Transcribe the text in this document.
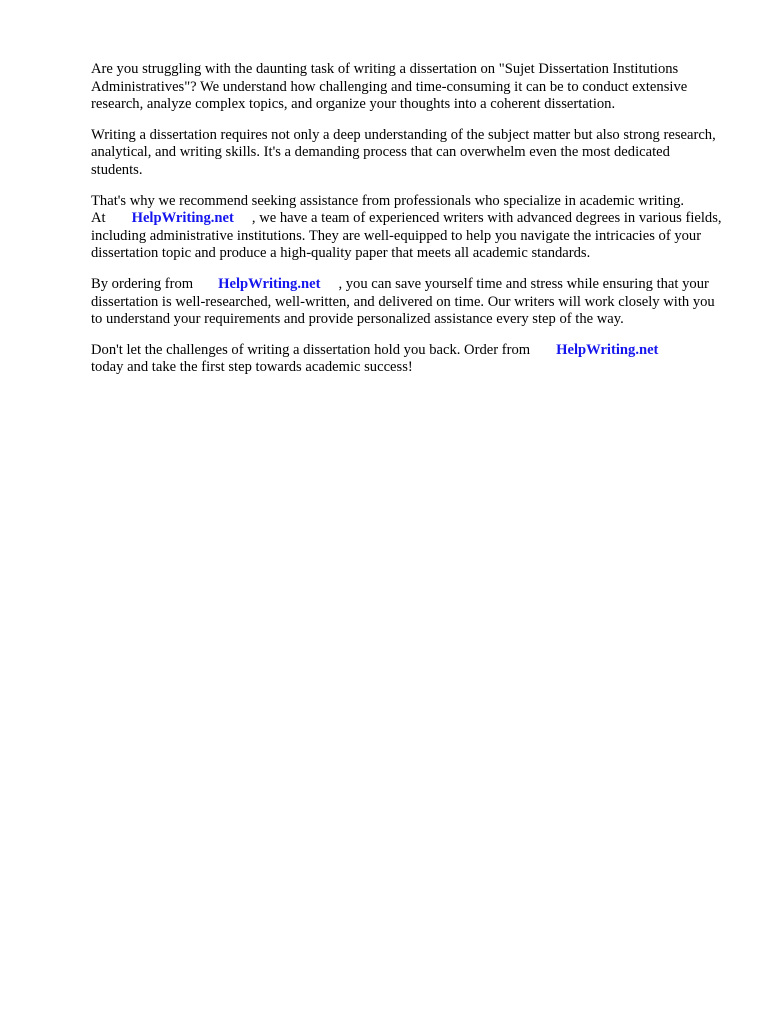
Are you struggling with the daunting task of writing a dissertation on "Sujet Dissertation Institutions Administratives"? We understand how challenging and time-consuming it can be to conduct extensive research, analyze complex topics, and organize your thoughts into a coherent dissertation.

Writing a dissertation requires not only a deep understanding of the subject matter but also strong research, analytical, and writing skills. It's a demanding process that can overwhelm even the most dedicated students.

That's why we recommend seeking assistance from professionals who specialize in academic writing. At HelpWriting.net , we have a team of experienced writers with advanced degrees in various fields, including administrative institutions. They are well-equipped to help you navigate the intricacies of your dissertation topic and produce a high-quality paper that meets all academic standards.

By ordering from HelpWriting.net , you can save yourself time and stress while ensuring that your dissertation is well-researched, well-written, and delivered on time. Our writers will work closely with you to understand your requirements and provide personalized assistance every step of the way.

Don't let the challenges of writing a dissertation hold you back. Order from HelpWriting.net
today and take the first step towards academic success!
